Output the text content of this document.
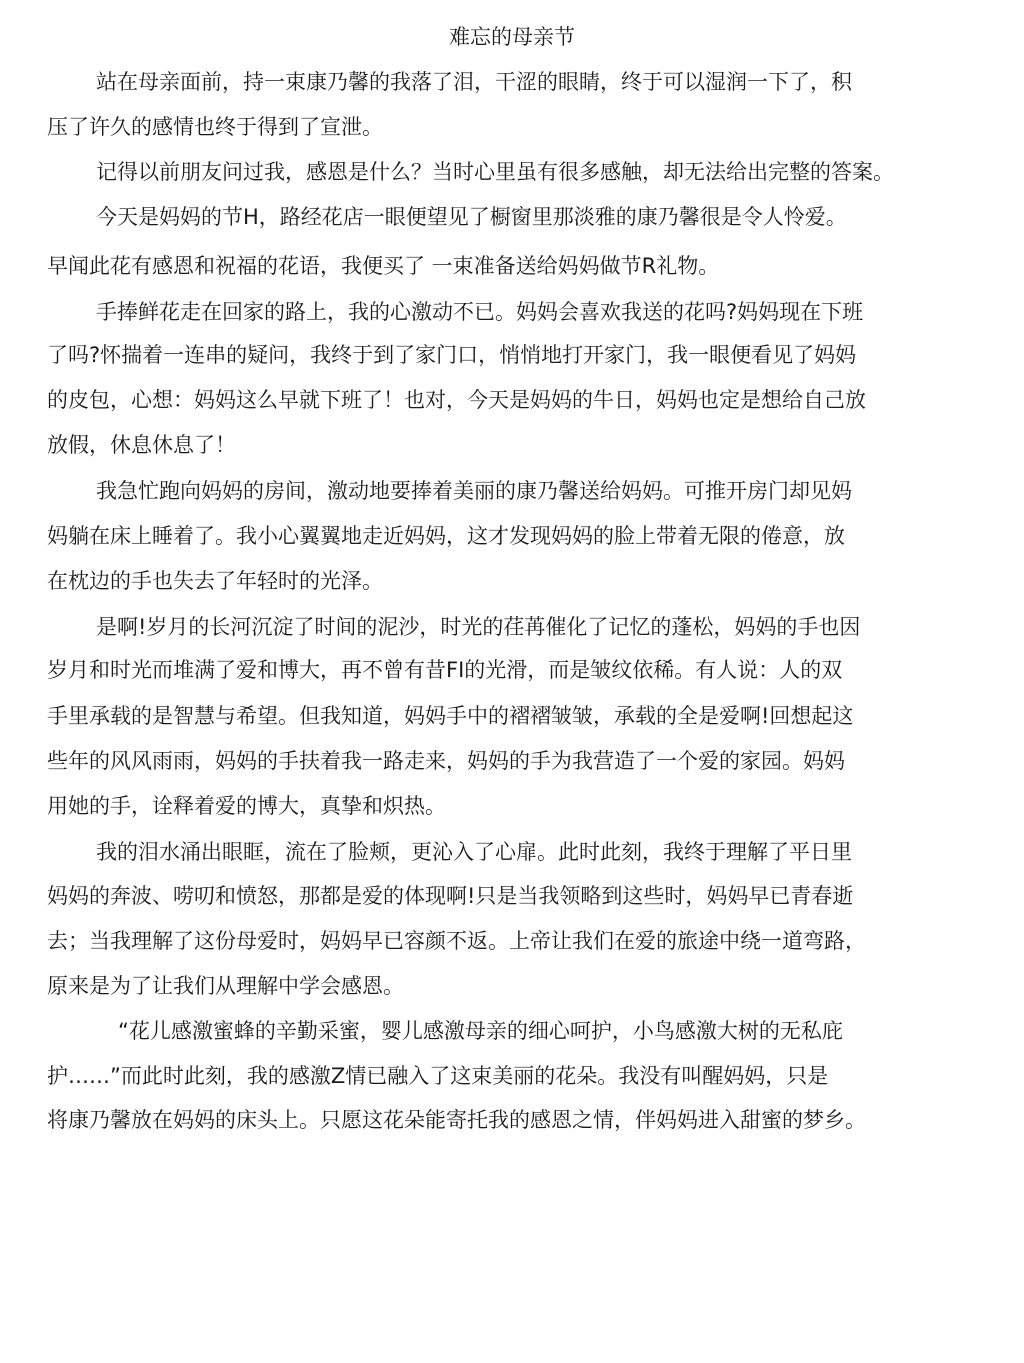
难忘的母亲节

站在母亲面前，持一束康乃馨的我落了泪，干涩的眼睛，终于可以湿润一下了，积

压了许久的感情也终于得到了宣泄。

记得以前朋友问过我，感恩是什么？当时心里虽有很多感触，却无法给出完整的答案。

今天是妈妈的节H，路经花店一眼便望见了橱窗里那淡雅的康乃馨很是令人怜爱。

早闻此花有感恩和祝福的花语，我便买了 一束准备送给妈妈做节R礼物。

手捧鲜花走在回家的路上，我的心激动不已。妈妈会喜欢我送的花吗?妈妈现在下班

了吗?怀揣着一连串的疑问，我终于到了家门口，悄悄地打开家门，我一眼便看见了妈妈

的皮包，心想：妈妈这么早就下班了！也对，今天是妈妈的牛日，妈妈也定是想给自己放

放假，休息休息了！

我急忙跑向妈妈的房间，激动地要捧着美丽的康乃馨送给妈妈。可推开房门却见妈

妈躺在床上睡着了。我小心翼翼地走近妈妈，这才发现妈妈的脸上带着无限的倦意，放

在枕边的手也失去了年轻时的光泽。

是啊!岁月的长河沉淀了时间的泥沙，时光的荏苒催化了记忆的蓬松，妈妈的手也因

岁月和时光而堆满了爱和博大，再不曾有昔FI的光滑，而是皱纹依稀。有人说：人的双

手里承载的是智慧与希望。但我知道，妈妈手中的褶褶皱皱，承载的全是爱啊!回想起这

些年的风风雨雨，妈妈的手扶着我一路走来，妈妈的手为我营造了一个爱的家园。妈妈

用她的手，诠释着爱的博大，真挚和炽热。

我的泪水涌出眼眶，流在了脸颊，更沁入了心扉。此时此刻，我终于理解了平日里

妈妈的奔波、唠叨和愤怒，那都是爱的体现啊!只是当我领略到这些时，妈妈早已青春逝

去；当我理解了这份母爱时，妈妈早已容颜不返。上帝让我们在爱的旅途中绕一道弯路，

原来是为了让我们从理解中学会感恩。

“花儿感激蜜蜂的辛勤采蜜，婴儿感激母亲的细心呵护，小鸟感激大树的无私庇

护……”而此时此刻，我的感激Z情已融入了这束美丽的花朵。我没有叫醒妈妈，只是

将康乃馨放在妈妈的床头上。只愿这花朵能寄托我的感恩之情，伴妈妈进入甜蜜的梦乡。
